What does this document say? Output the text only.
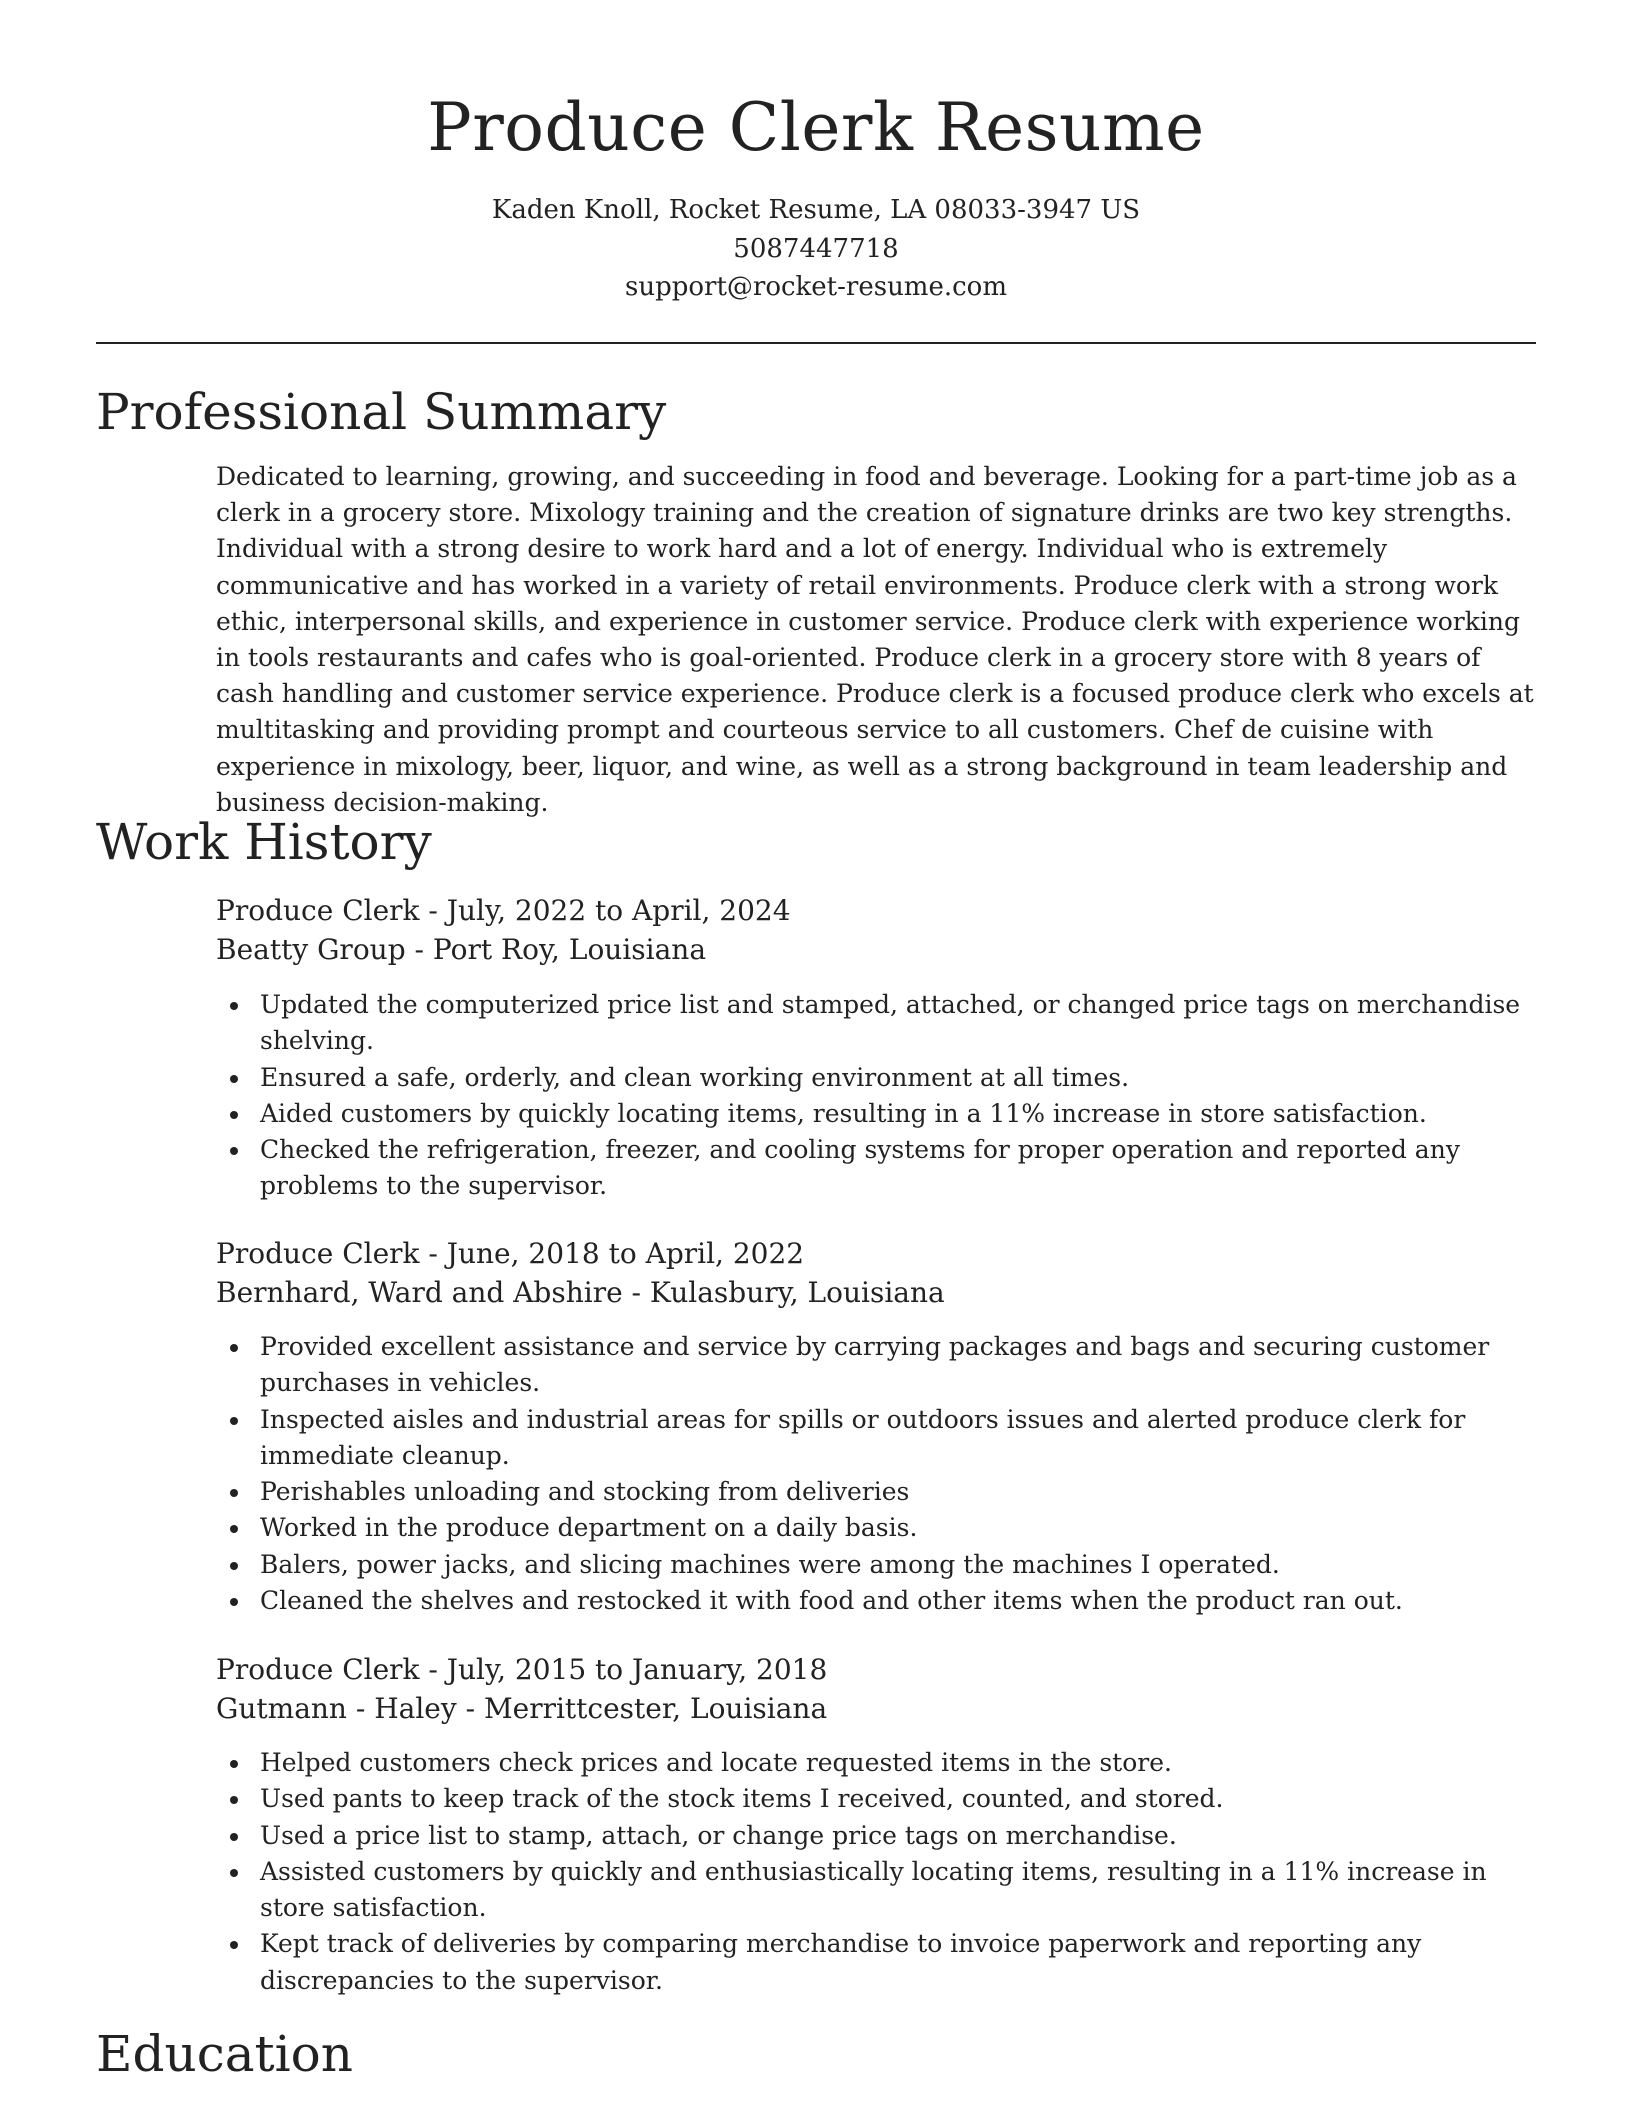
Produce Clerk Resume

Kaden Knoll, Rocket Resume, LA 08033-3947 US

5087447718

support@rocket-resume.com

Professional Summary

Dedicated to learning, growing, and succeeding in food and beverage. Looking for a part-time job as a clerk in a grocery store. Mixology training and the creation of signature drinks are two key strengths. Individual with a strong desire to work hard and a lot of energy. Individual who is extremely communicative and has worked in a variety of retail environments. Produce clerk with a strong work ethic, interpersonal skills, and experience in customer service. Produce clerk with experience working in tools restaurants and cafes who is goal-oriented. Produce clerk in a grocery store with 8 years of cash handling and customer service experience. Produce clerk is a focused produce clerk who excels at multitasking and providing prompt and courteous service to all customers. Chef de cuisine with experience in mixology, beer, liquor, and wine, as well as a strong background in team leadership and business decision-making.

Work History

Produce Clerk - July, 2022 to April, 2024

Beatty Group - Port Roy, Louisiana

Updated the computerized price list and stamped, attached, or changed price tags on merchandise shelving.
Ensured a safe, orderly, and clean working environment at all times.
Aided customers by quickly locating items, resulting in a 11% increase in store satisfaction.
Checked the refrigeration, freezer, and cooling systems for proper operation and reported any problems to the supervisor.

Produce Clerk - June, 2018 to April, 2022

Bernhard, Ward and Abshire - Kulasbury, Louisiana

Provided excellent assistance and service by carrying packages and bags and securing customer purchases in vehicles.
Inspected aisles and industrial areas for spills or outdoors issues and alerted produce clerk for immediate cleanup.
Perishables unloading and stocking from deliveries
Worked in the produce department on a daily basis.
Balers, power jacks, and slicing machines were among the machines I operated.
Cleaned the shelves and restocked it with food and other items when the product ran out.

Produce Clerk - July, 2015 to January, 2018

Gutmann - Haley - Merrittcester, Louisiana

Helped customers check prices and locate requested items in the store.
Used pants to keep track of the stock items I received, counted, and stored.
Used a price list to stamp, attach, or change price tags on merchandise.
Assisted customers by quickly and enthusiastically locating items, resulting in a 11% increase in store satisfaction.
Kept track of deliveries by comparing merchandise to invoice paperwork and reporting any discrepancies to the supervisor.
Education
